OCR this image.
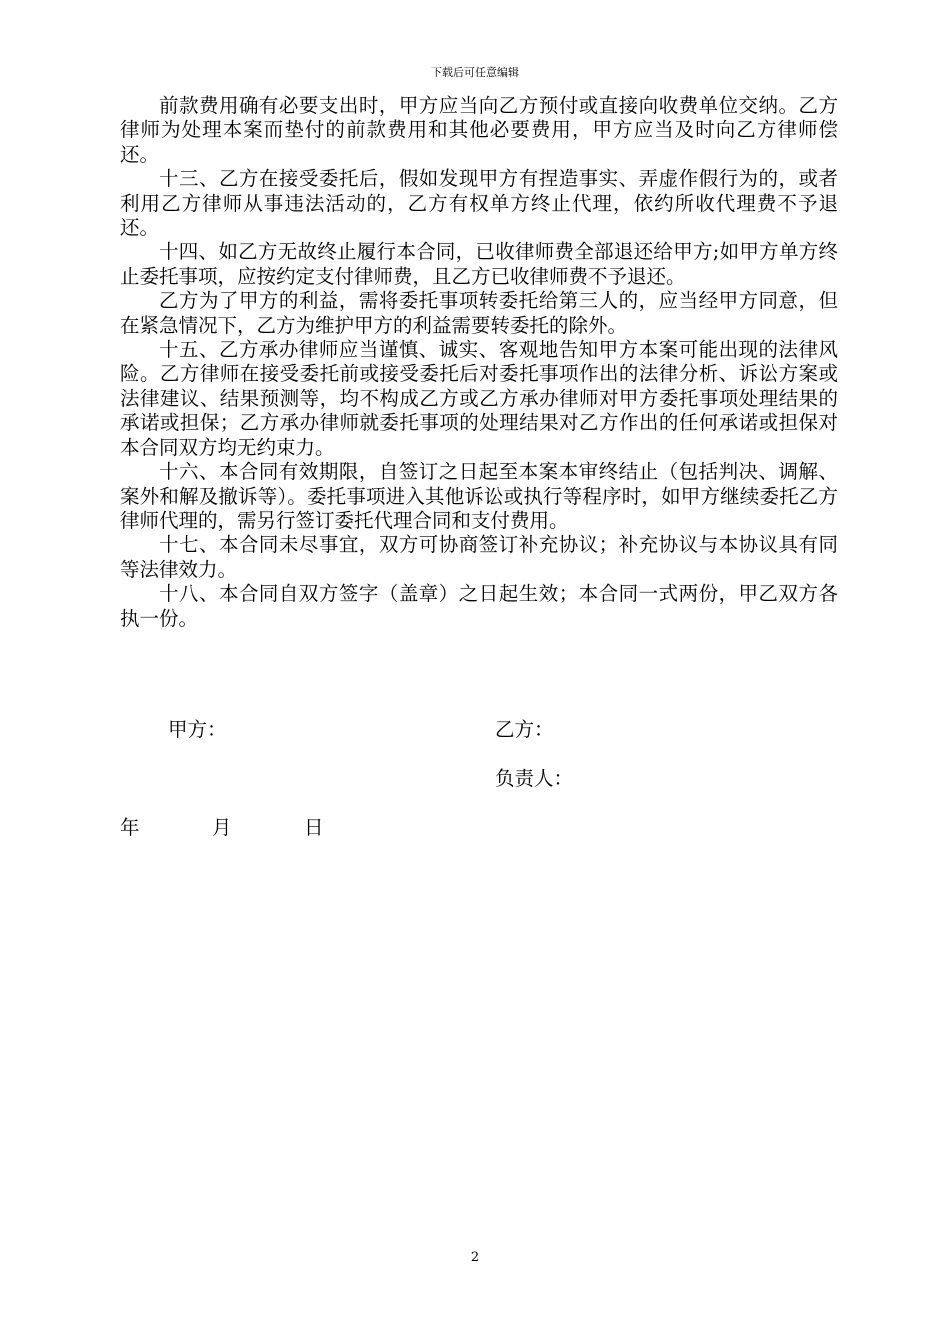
下载后可任意编辑

前款费用确有必要支出时，甲方应当向乙方预付或直接向收费单位交纳。乙方律师为处理本案而垫付的前款费用和其他必要费用，甲方应当及时向乙方律师偿还。

十三、乙方在接受委托后，假如发现甲方有捏造事实、弄虚作假行为的，或者利用乙方律师从事违法活动的，乙方有权单方终止代理，依约所收代理费不予退还。

十四、如乙方无故终止履行本合同，已收律师费全部退还给甲方;如甲方单方终止委托事项，应按约定支付律师费，且乙方已收律师费不予退还。

乙方为了甲方的利益，需将委托事项转委托给第三人的，应当经甲方同意，但在紧急情况下，乙方为维护甲方的利益需要转委托的除外。

十五、乙方承办律师应当谨慎、诚实、客观地告知甲方本案可能出现的法律风险。乙方律师在接受委托前或接受委托后对委托事项作出的法律分析、诉讼方案或法律建议、结果预测等，均不构成乙方或乙方承办律师对甲方委托事项处理结果的承诺或担保；乙方承办律师就委托事项的处理结果对乙方作出的任何承诺或担保对本合同双方均无约束力。

十六、本合同有效期限，自签订之日起至本案本审终结止（包括判决、调解、案外和解及撤诉等）。委托事项进入其他诉讼或执行等程序时，如甲方继续委托乙方律师代理的，需另行签订委托代理合同和支付费用。

十七、本合同未尽事宜，双方可协商签订补充协议；补充协议与本协议具有同等法律效力。

十八、本合同自双方签字（盖章）之日起生效；本合同一式两份，甲乙双方各执一份。

甲方：	乙方：
负责人：
年	月	日
2
